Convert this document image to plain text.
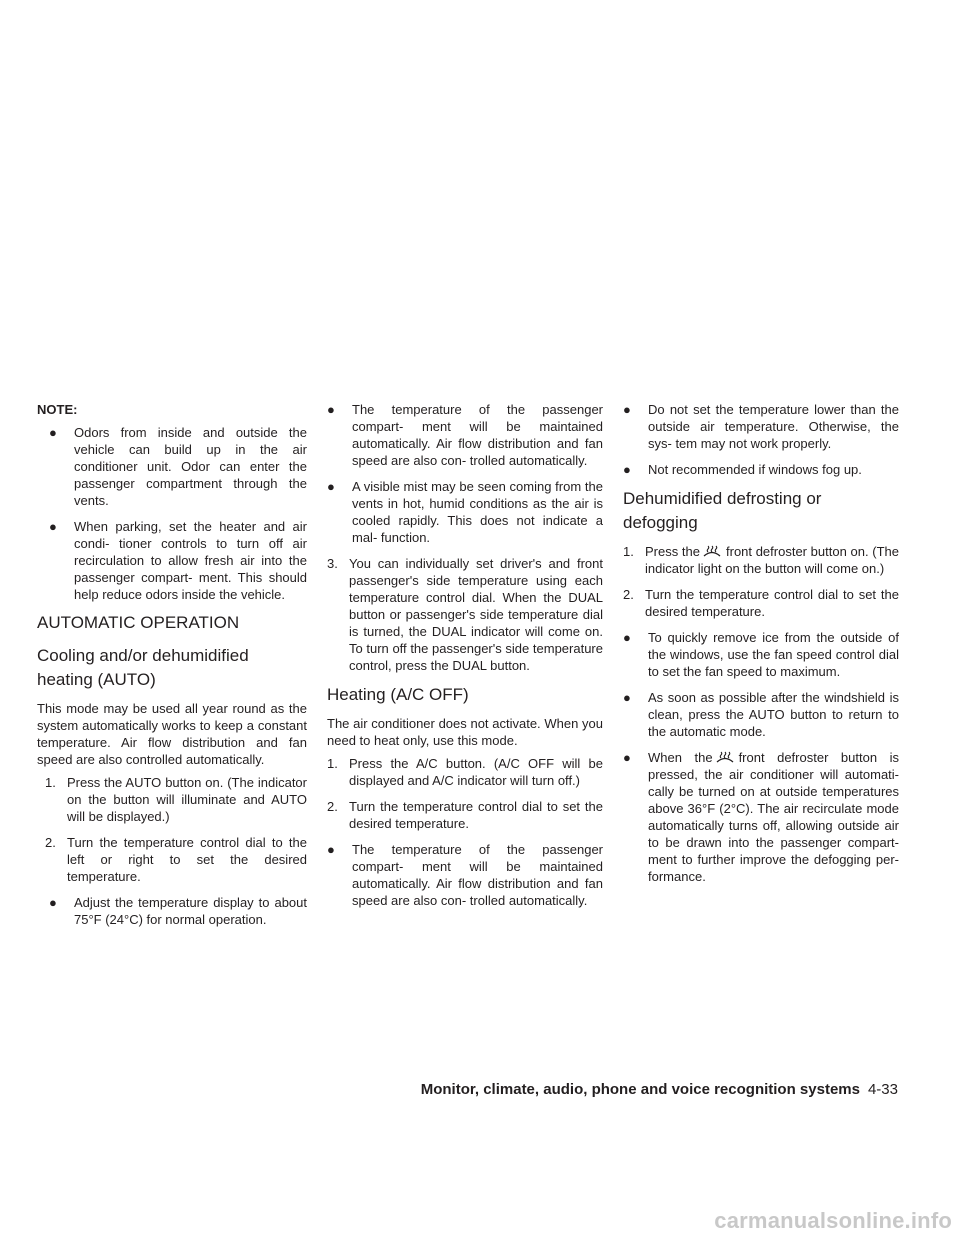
NOTE:

●	Odors from inside and outside the vehicle can build up in the air conditioner unit. Odor can enter the passenger compartment through the vents.
●	When parking, set the heater and air condi- tioner controls to turn off air recirculation to allow fresh air into the passenger compart- ment. This should help reduce odors inside the vehicle.
AUTOMATIC OPERATION
Cooling and/or dehumidified heating (AUTO)

This mode may be used all year round as the system automatically works to keep a constant temperature. Air flow distribution and fan speed are also controlled automatically.

1. Press the AUTO button on. (The indicator on the button will illuminate and AUTO will be displayed.)
2. Turn the temperature control dial to the left or right to set the desired temperature.
●	Adjust the temperature display to about 75°F (24°C) for normal operation.
●	The temperature of the passenger compart- ment will be maintained automatically. Air flow distribution and fan speed are also con- trolled automatically.
●	A visible mist may be seen coming from the vents in hot, humid conditions as the air is cooled rapidly. This does not indicate a mal- function.
3. You can individually set driver's and front passenger's side temperature using each temperature control dial. When the DUAL button or passenger's side temperature dial is turned, the DUAL indicator will come on. To turn off the passenger's side temperature control, press the DUAL button.
Heating (A/C OFF)

The air conditioner does not activate. When you need to heat only, use this mode.

1. Press the A/C button. (A/C OFF will be displayed and A/C indicator will turn off.)
2. Turn the temperature control dial to set the desired temperature.
●	The temperature of the passenger compart- ment will be maintained automatically. Air flow distribution and fan speed are also con- trolled automatically.
●	Do not set the temperature lower than the outside air temperature. Otherwise, the sys- tem may not work properly.
●	Not recommended if windows fog up.
Dehumidified defrosting or defogging
1. Press the front defroster button on. (The indicator light on the button will come on.)
2. Turn the temperature control dial to set the desired temperature.
●	To quickly remove ice from the outside of the windows, use the fan speed control dial to set the fan speed to maximum.
●	As soon as possible after the windshield is clean, press the AUTO button to return to the automatic mode.
●	When the front defroster button is pressed, the air conditioner will automati- cally be turned on at outside temperatures above 36°F (2°C). The air recirculate mode automatically turns off, allowing outside air to be drawn into the passenger compart- ment to further improve the defogging per- formance.
Monitor, climate, audio, phone and voice recognition systems 4-33
carmanualsonline.info
